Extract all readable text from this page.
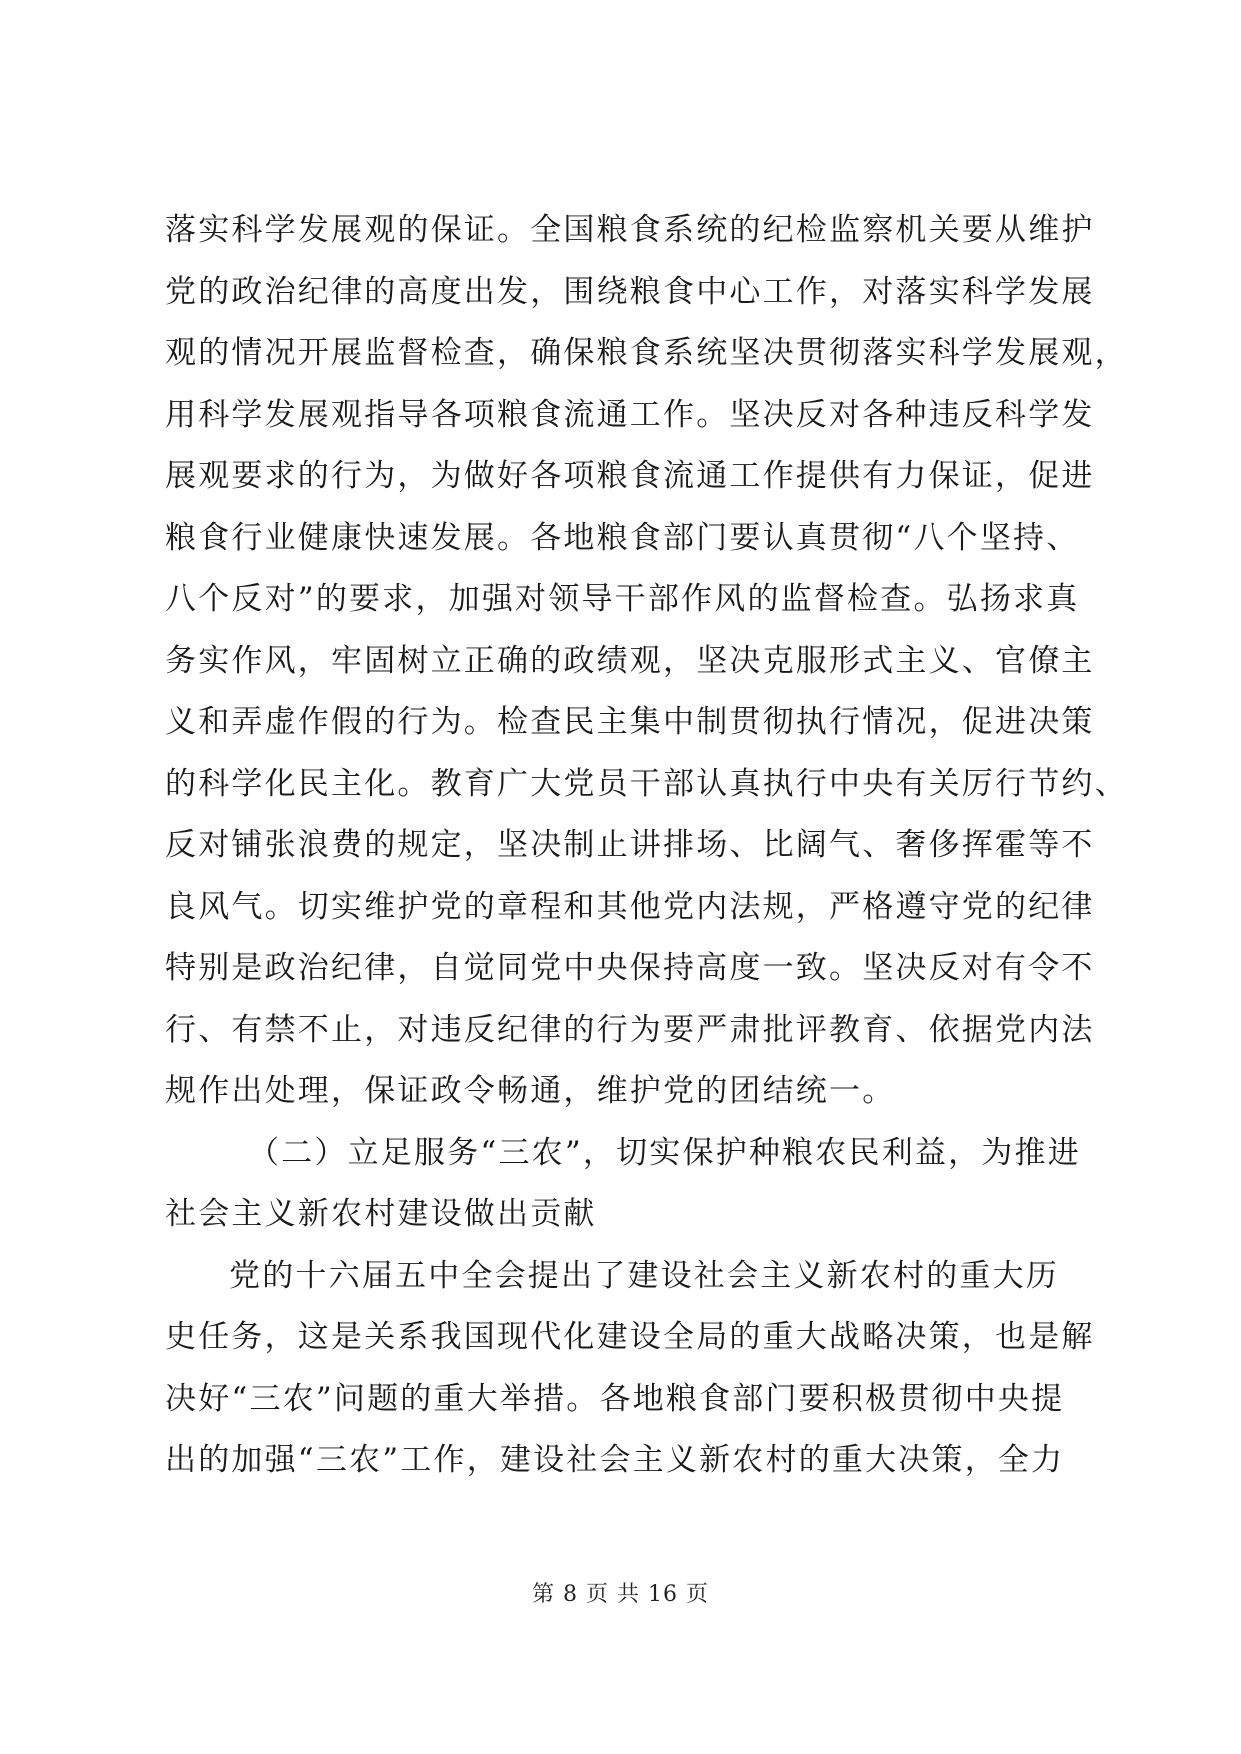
落实科学发展观的保证。全国粮食系统的纪检监察机关要从维护
党的政治纪律的高度出发，围绕粮食中心工作，对落实科学发展
观的情况开展监督检查，确保粮食系统坚决贯彻落实科学发展观，
用科学发展观指导各项粮食流通工作。坚决反对各种违反科学发
展观要求的行为，为做好各项粮食流通工作提供有力保证，促进
粮食行业健康快速发展。各地粮食部门要认真贯彻“八个坚持、
八个反对”的要求，加强对领导干部作风的监督检查。弘扬求真
务实作风，牢固树立正确的政绩观，坚决克服形式主义、官僚主
义和弄虚作假的行为。检查民主集中制贯彻执行情况，促进决策
的科学化民主化。教育广大党员干部认真执行中央有关厉行节约、
反对铺张浪费的规定，坚决制止讲排场、比阔气、奢侈挥霍等不
良风气。切实维护党的章程和其他党内法规，严格遵守党的纪律
特别是政治纪律，自觉同党中央保持高度一致。坚决反对有令不
行、有禁不止，对违反纪律的行为要严肃批评教育、依据党内法
规作出处理，保证政令畅通，维护党的团结统一。
（二）立足服务“三农”，切实保护种粮农民利益，为推进
社会主义新农村建设做出贡献
党的十六届五中全会提出了建设社会主义新农村的重大历
史任务，这是关系我国现代化建设全局的重大战略决策，也是解
决好“三农”问题的重大举措。各地粮食部门要积极贯彻中央提
出的加强“三农”工作，建设社会主义新农村的重大决策，全力
第 8 页 共 16 页
